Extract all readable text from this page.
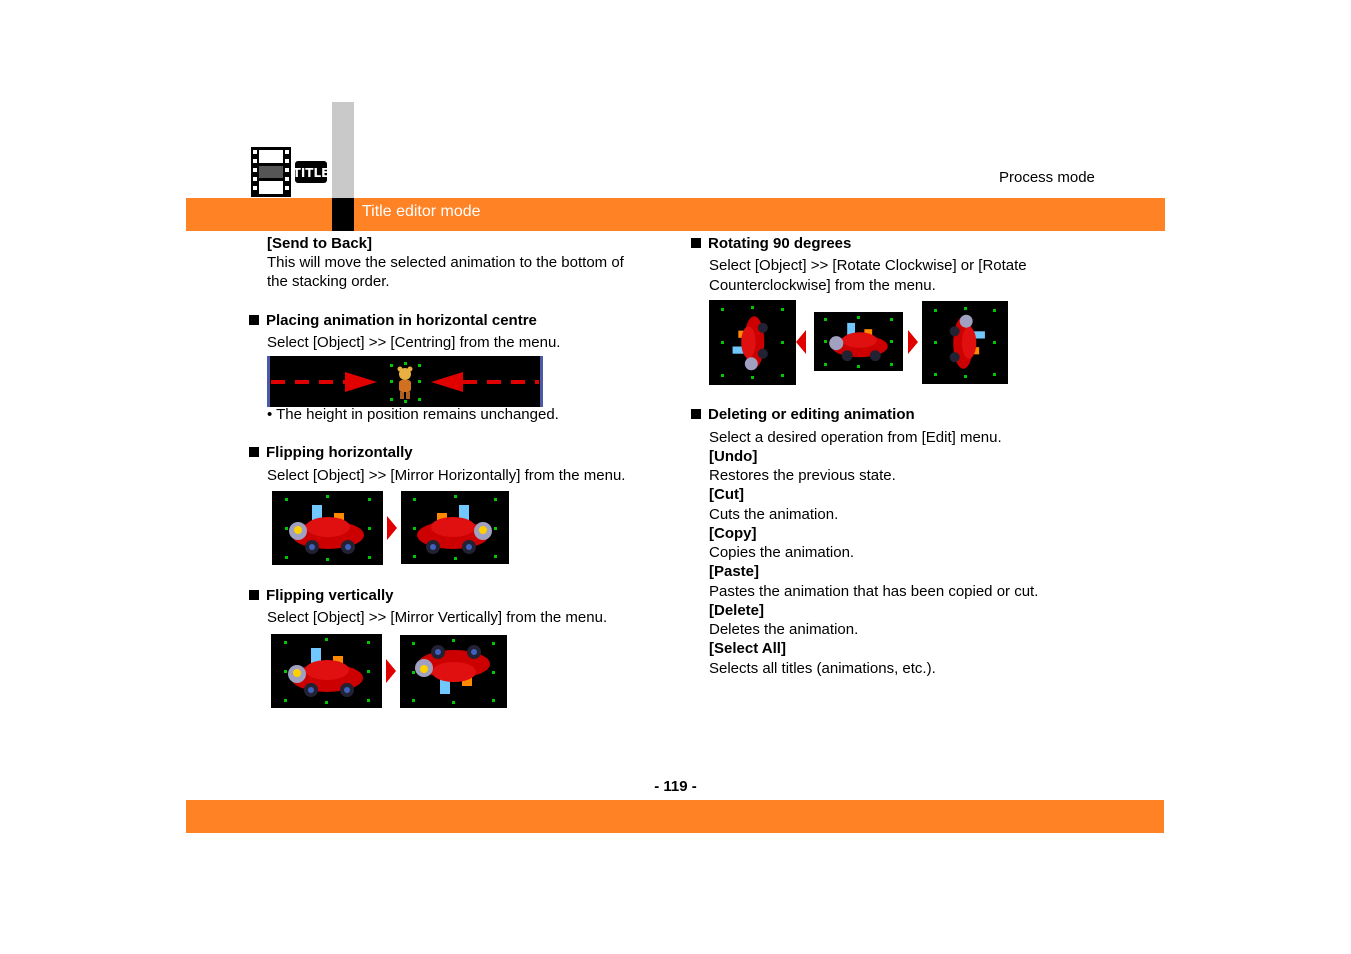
TITLE	Process mode
Title editor mode
[Send to Back]
This will move the selected animation to the bottom of
the stacking order.
Placing animation in horizontal centre
Select [Object] >> [Centring] from the menu.
• The height in position remains unchanged.
Flipping horizontally
Select [Object] >> [Mirror Horizontally] from the menu.
Flipping vertically
Select [Object] >> [Mirror Vertically] from the menu.
Rotating 90 degrees
Select [Object] >> [Rotate Clockwise] or [Rotate
Counterclockwise] from the menu.
Deleting or editing animation
Select a desired operation from [Edit] menu.
[Undo]
Restores the previous state.
[Cut]
Cuts the animation.
[Copy]
Copies the animation.
[Paste]
Pastes the animation that has been copied or cut.
[Delete]
Deletes the animation.
[Select All]
Selects all titles (animations, etc.).
- 119 -
